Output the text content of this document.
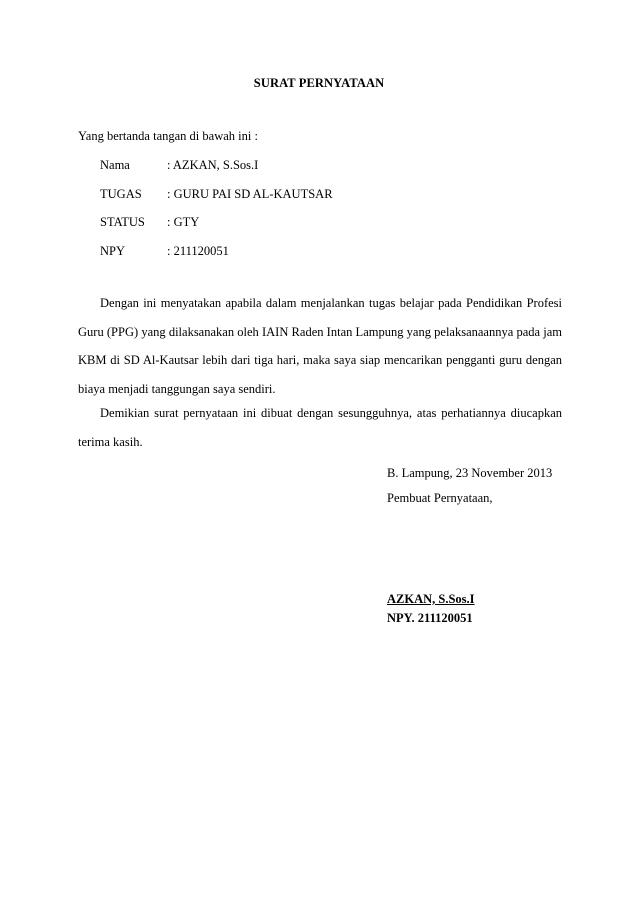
SURAT PERNYATAAN
Yang bertanda tangan di bawah ini :
Nama	: AZKAN, S.Sos.I
TUGAS : GURU PAI SD AL-KAUTSAR
STATUS : GTY
NPY	: 211120051

Dengan ini menyatakan apabila dalam menjalankan tugas belajar pada Pendidikan Profesi Guru (PPG) yang dilaksanakan oleh IAIN Raden Intan Lampung yang pelaksanaannya pada jam KBM di SD Al-Kautsar lebih dari tiga hari, maka saya siap mencarikan pengganti guru dengan biaya menjadi tanggungan saya sendiri.

Demikian surat pernyataan ini dibuat dengan sesungguhnya, atas perhatiannya diucapkan terima kasih.

B. Lampung, 23 November 2013
Pembuat Pernyataan,
AZKAN, S.Sos.I
NPY. 211120051
